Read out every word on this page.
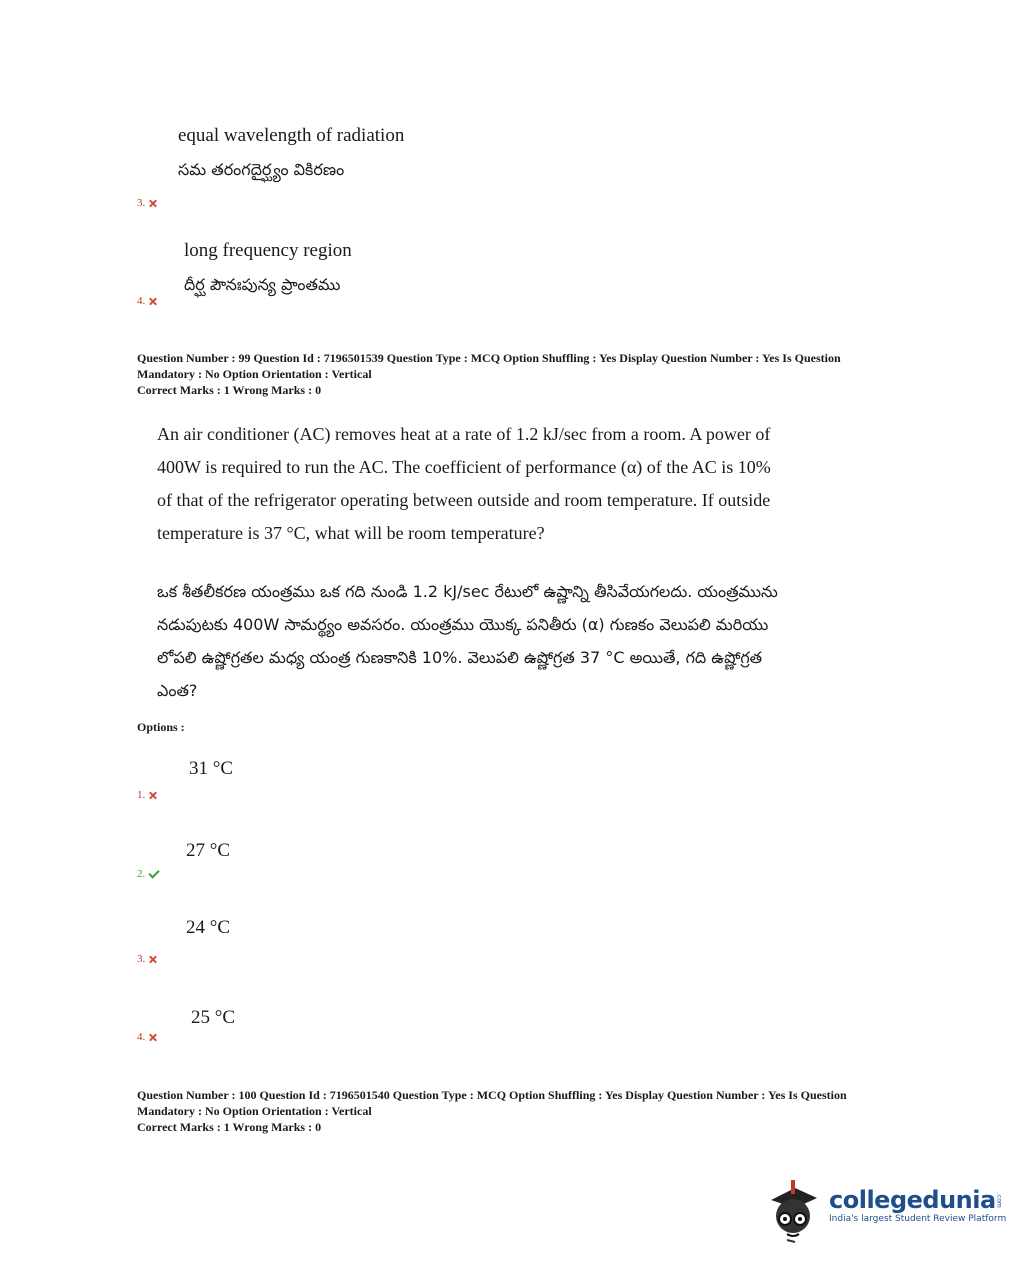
equal wavelength of radiation
సమ తరంగదైర్ఘ్యం వికిరణం
3.
long frequency region
దీర్ఘ పౌనఃపున్య ప్రాంతము
4.
Question Number : 99 Question Id : 7196501539 Question Type : MCQ Option Shuffling : Yes Display Question Number : Yes Is Question
Mandatory : No Option Orientation : Vertical
Correct Marks : 1 Wrong Marks : 0
An air conditioner (AC) removes heat at a rate of 1.2 kJ/sec from a room. A power of
400W is required to run the AC. The coefficient of performance (α) of the AC is 10%
of that of the refrigerator operating between outside and room temperature. If outside
temperature is 37 °C, what will be room temperature?
ఒక శీతలీకరణ యంత్రము ఒక గది నుండి 1.2 kJ/sec రేటులో ఉష్ణాన్ని తీసివేయగలదు. యంత్రమును
నడుపుటకు 400W సామర్థ్యం అవసరం. యంత్రము యొక్క పనితీరు (α) గుణకం వెలుపలి మరియు
లోపలి ఉష్ణోగ్రతల మధ్య యంత్ర గుణకానికి 10%. వెలుపలి ఉష్ణోగ్రత 37 °C అయితే, గది ఉష్ణోగ్రత
ఎంత?
Options :
31 °C
1.
27 °C
2.
24 °C
3.
25 °C
4.
Question Number : 100 Question Id : 7196501540 Question Type : MCQ Option Shuffling : Yes Display Question Number : Yes Is Question
Mandatory : No Option Orientation : Vertical
Correct Marks : 1 Wrong Marks : 0
collegedunia.com
India's largest Student Review Platform
